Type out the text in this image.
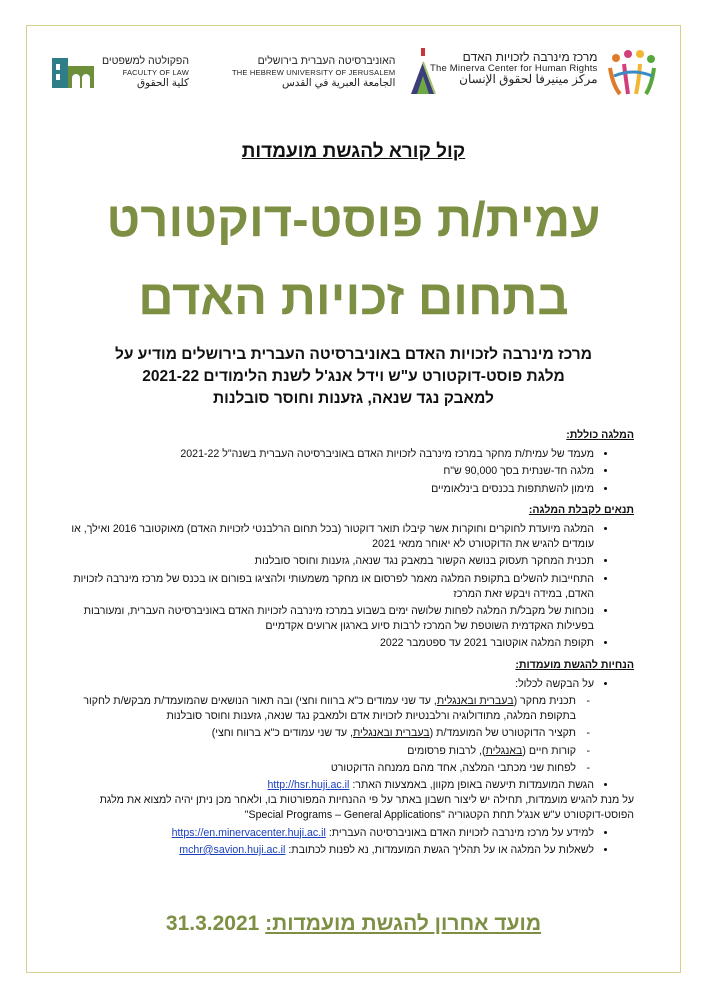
הפקולטה למשפטים
FACULTY OF LAW
كلية الحقوق
האוניברסיטה העברית בירושלים
THE HEBREW UNIVERSITY OF JERUSALEM
الجامعة العبرية في القدس
מרכז מינרבה לזכויות האדם
The Minerva Center for Human Rights
مركز مينيرفا لحقوق الإنسان
קול קורא להגשת מועמדות
עמית/ת פוסט-דוקטורט
בתחום זכויות האדם
מרכז מינרבה לזכויות האדם באוניברסיטה העברית בירושלים מודיע על
מלגת פוסט-דוקטורט ע"ש וידל אנג'ל לשנת הלימודים 2021-22
למאבק נגד שנאה, גזענות וחוסר סובלנות
המלגה כוללת:
• מעמד של עמית/ת מחקר במרכז מינרבה לזכויות האדם באוניברסיטה העברית בשנה"ל 2021-22
• מלגה חד-שנתית בסך 90,000 ש"ח
• מימון להשתתפות בכנסים בינלאומיים
תנאים לקבלת המלגה:
• המלגה מיועדת לחוקרים וחוקרות אשר קיבלו תואר דוקטור (בכל תחום הרלבנטי לזכויות האדם) מאוקטובר 2016 ואילך, או עומדים להגיש את הדוקטורט לא יאוחר ממאי 2021
• תכנית המחקר תעסוק בנושא הקשור במאבק נגד שנאה, גזענות וחוסר סובלנות
• התחייבות להשלים בתקופת המלגה מאמר לפרסום או מחקר משמעותי ולהציגו בפורום או בכנס של מרכז מינרבה לזכויות האדם, במידה ויבקש זאת המרכז
• נוכחות של מקבל/ת המלגה לפחות שלושה ימים בשבוע במרכז מינרבה לזכויות האדם באוניברסיטה העברית, ומעורבות בפעילות האקדמית השוטפת של המרכז לרבות סיוע בארגון ארועים אקדמיים
• תקופת המלגה אוקטובר 2021 עד ספטמבר 2022
הנחיות להגשת מועמדות:
• על הבקשה לכלול:
- תכנית מחקר (בעברית ובאנגלית, עד שני עמודים כ"א ברווח וחצי) ובה תאור הנושאים שהמועמד/ת מבקש/ת לחקור בתקופת המלגה, מתודולוגיה ורלבנטיות לזכויות אדם ולמאבק נגד שנאה, גזענות וחוסר סובלנות
- תקציר הדוקטורט של המועמד/ת (בעברית ובאנגלית, עד שני עמודים כ"א ברווח וחצי)
- קורות חיים (באנגלית), לרבות פרסומים
- לפחות שני מכתבי המלצה, אחד מהם ממנחה הדוקטורט
• הגשת המועמדות תיעשה באופן מקוון, באמצעות האתר: http://hsr.huji.ac.il
על מנת להגיש מועמדות, תחילה יש ליצור חשבון באתר על פי ההנחיות המפורטות בו, ולאחר מכן ניתן יהיה למצוא את מלגת הפוסט-דוקטורט ע"ש אנג'ל תחת הקטגוריה "Special Programs – General Applications"
• למידע על מרכז מינרבה לזכויות האדם באוניברסיטה העברית: https://en.minervacenter.huji.ac.il
• לשאלות על המלגה או על תהליך הגשת המועמדות, נא לפנות לכתובת: mchr@savion.huji.ac.il
מועד אחרון להגשת מועמדות: 31.3.2021
